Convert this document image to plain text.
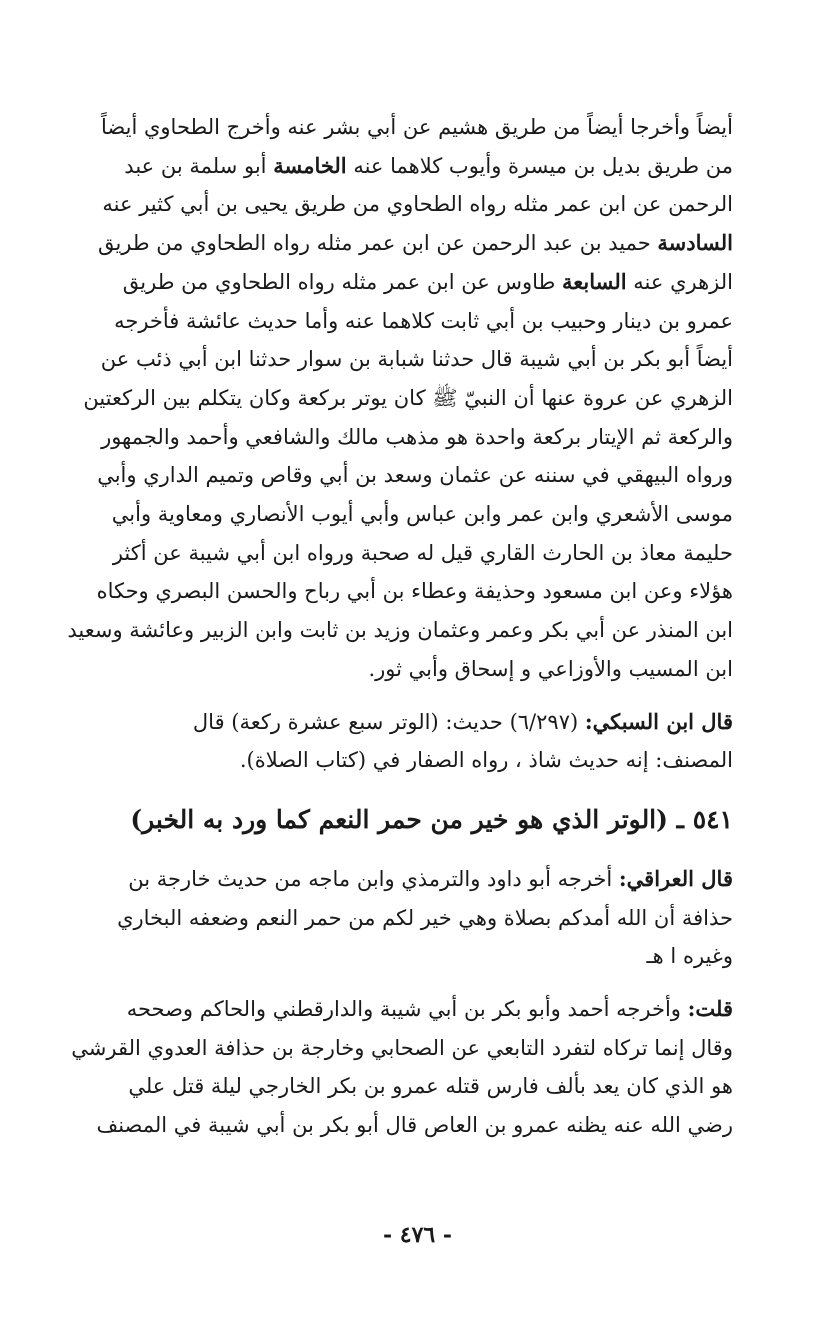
أيضاً وأخرجا أيضاً من طريق هشيم عن أبي بشر عنه وأخرج الطحاوي أيضاً
من طريق بديل بن ميسرة وأيوب كلاهما عنه الخامسة أبو سلمة بن عبد
الرحمن عن ابن عمر مثله رواه الطحاوي من طريق يحيى بن أبي كثير عنه
السادسة حميد بن عبد الرحمن عن ابن عمر مثله رواه الطحاوي من طريق
الزهري عنه السابعة طاوس عن ابن عمر مثله رواه الطحاوي من طريق
عمرو بن دينار وحبيب بن أبي ثابت كلاهما عنه وأما حديث عائشة فأخرجه
أيضاً أبو بكر بن أبي شيبة قال حدثنا شبابة بن سوار حدثنا ابن أبي ذئب عن
الزهري عن عروة عنها أن النبيّ ﷺ كان يوتر بركعة وكان يتكلم بين الركعتين
والركعة ثم الإيتار بركعة واحدة هو مذهب مالك والشافعي وأحمد والجمهور
ورواه البيهقي في سننه عن عثمان وسعد بن أبي وقاص وتميم الداري وأبي
موسى الأشعري وابن عمر وابن عباس وأبي أيوب الأنصاري ومعاوية وأبي
حليمة معاذ بن الحارث القاري قيل له صحبة ورواه ابن أبي شيبة عن أكثر
هؤلاء وعن ابن مسعود وحذيفة وعطاء بن أبي رباح والحسن البصري وحكاه
ابن المنذر عن أبي بكر وعمر وعثمان وزيد بن ثابت وابن الزبير وعائشة وسعيد
ابن المسيب والأوزاعي و إسحاق وأبي ثور.
قال ابن السبكي: (٦/٢٩٧) حديث: (الوتر سبع عشرة ركعة) قال
المصنف: إنه حديث شاذ ، رواه الصفار في (كتاب الصلاة).
٥٤١ ـ (الوتر الذي هو خير من حمر النعم كما ورد به الخبر)
قال العراقي: أخرجه أبو داود والترمذي وابن ماجه من حديث خارجة بن
حذافة أن الله أمدكم بصلاة وهي خير لكم من حمر النعم وضعفه البخاري
وغيره ا هـ
قلت: وأخرجه أحمد وأبو بكر بن أبي شيبة والدارقطني والحاكم وصححه
وقال إنما تركاه لتفرد التابعي عن الصحابي وخارجة بن حذافة العدوي القرشي
هو الذي كان يعد بألف فارس قتله عمرو بن بكر الخارجي ليلة قتل علي
رضي الله عنه يظنه عمرو بن العاص قال أبو بكر بن أبي شيبة في المصنف
- ٤٧٦ -
